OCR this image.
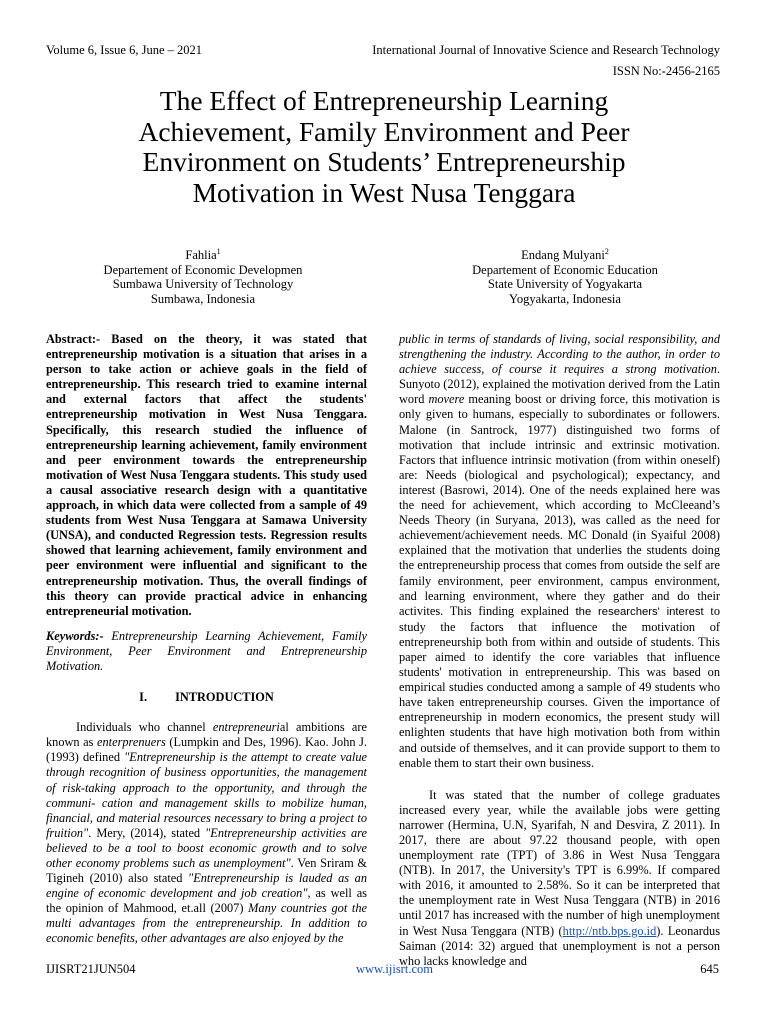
Volume 6, Issue 6, June – 2021	International Journal of Innovative Science and Research Technology
ISSN No:-2456-2165
The Effect of Entrepreneurship Learning
Achievement, Family Environment and Peer
Environment on Students’ Entrepreneurship
Motivation in West Nusa Tenggara
Fahlia$^1$
Departement of Economic Developmen
Sumbawa University of Technology
Sumbawa, Indonesia
Endang Mulyani$^2$
Departement of Economic Education
State University of Yogyakarta
Yogyakarta, Indonesia

Abstract:- Based on the theory, it was stated that entrepreneurship motivation is a situation that arises in a person to take action or achieve goals in the field of entrepreneurship. This research tried to examine internal and external factors that affect the students' entrepreneurship motivation in West Nusa Tenggara. Specifically, this research studied the influence of entrepreneurship learning achievement, family environment and peer environment towards the entrepreneurship motivation of West Nusa Tenggara students. This study used a causal associative research design with a quantitative approach, in which data were collected from a sample of 49 students from West Nusa Tenggara at Samawa University (UNSA), and conducted Regression tests. Regression results showed that learning achievement, family environment and peer environment were influential and significant to the entrepreneurship motivation. Thus, the overall findings of this theory can provide practical advice in enhancing entrepreneurial motivation.

Keywords:- Entrepreneurship Learning Achievement, Family Environment, Peer Environment and Entrepreneurship Motivation.

I. INTRODUCTION

Individuals who channel entrepreneurial ambitions are known as enterprenuers (Lumpkin and Des, 1996). Kao. John J. (1993) defined "Entrepreneurship is the attempt to create value through recognition of business opportunities, the management of risk-taking approach to the opportunity, and through the communi- cation and management skills to mobilize human, financial, and material resources necessary to bring a project to fruition". Mery, (2014), stated "Entrepreneurship activities are believed to be a tool to boost economic growth and to solve other economy problems such as unemployment". Ven Sriram & Tigineh (2010) also stated "Entrepreneurship is lauded as an engine of economic development and job creation", as well as the opinion of Mahmood, et.all (2007) Many countries got the multi advantages from the entrepreneurship. In addition to economic benefits, other advantages are also enjoyed by the

public in terms of standards of living, social responsibility, and strengthening the industry. According to the author, in order to achieve success, of course it requires a strong motivation. Sunyoto (2012), explained the motivation derived from the Latin word movere meaning boost or driving force, this motivation is only given to humans, especially to subordinates or followers. Malone (in Santrock, 1977) distinguished two forms of motivation that include intrinsic and extrinsic motivation. Factors that influence intrinsic motivation (from within oneself) are: Needs (biological and psychological); expectancy, and interest (Basrowi, 2014). One of the needs explained here was the need for achievement, which according to McCleeand’s Needs Theory (in Suryana, 2013), was called as the need for achievement/achievement needs. MC Donald (in Syaiful 2008) explained that the motivation that underlies the students doing the entrepreneurship process that comes from outside the self are family environment, peer environment, campus environment, and learning environment, where they gather and do their activites. This finding explained the researchers' interest to study the factors that influence the motivation of entrepreneurship both from within and outside of students. This paper aimed to identify the core variables that influence students' motivation in entrepreneurship. This was based on empirical studies conducted among a sample of 49 students who have taken entrepreneurship courses. Given the importance of entrepreneurship in modern economics, the present study will enlighten students that have high motivation both from within and outside of themselves, and it can provide support to them to enable them to start their own business.

It was stated that the number of college graduates increased every year, while the available jobs were getting narrower (Hermina, U.N, Syarifah, N and Desvira, Z 2011). In 2017, there are about 97.22 thousand people, with open unemployment rate (TPT) of 3.86 in West Nusa Tenggara (NTB). In 2017, the University's TPT is 6.99%. If compared with 2016, it amounted to 2.58%. So it can be interpreted that the unemployment rate in West Nusa Tenggara (NTB) in 2016 until 2017 has increased with the number of high unemployment in West Nusa Tenggara (NTB) (http://ntb.bps.go.id). Leonardus Saiman (2014: 32) argued that unemployment is not a person who lacks knowledge and

IJISRT21JUN504	www.ijisrt.com	645
